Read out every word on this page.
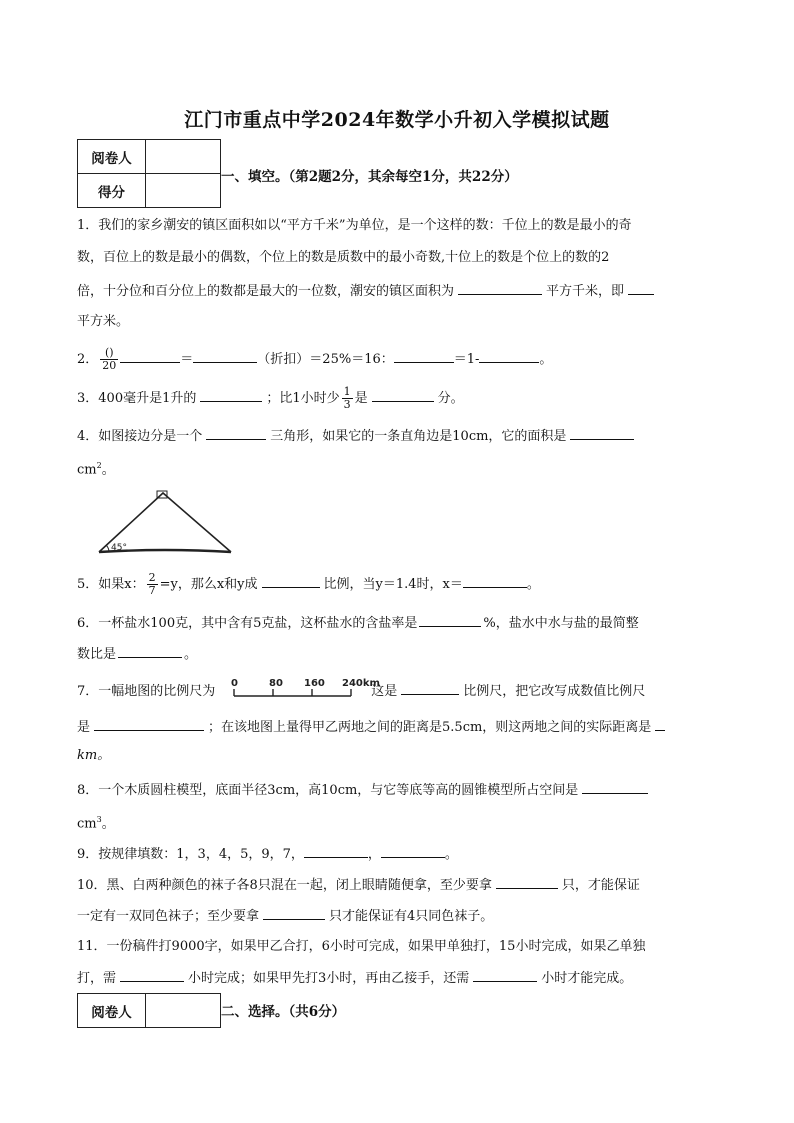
江门市重点中学2024年数学小升初入学模拟试题
阅卷人	
得分	
一、填空。（第2题2分，其余每空1分，共22分）
1．我们的家乡潮安的镇区面积如以“平方千米”为单位，是一个这样的数：千位上的数是最小的奇
数，百位上的数是最小的偶数，个位上的数是质数中的最小奇数,十位上的数是个位上的数的2
倍，十分位和百分位上的数都是最大的一位数，潮安的镇区面积为	平方千米，即
平方米。
2． $\frac{()}{20}$	＝	（折扣）＝25%＝16：	＝1-	。
3．400毫升是1升的	；比1小时少 $\frac{1}{3}$ 是	分。
4．如图接边分是一个	三角形，如果它的一条直角边是10cm，它的面积是
$cm^2$。
45°
5．如果x： $\frac{2}{7} =y$，那么x和y成	比例，当y＝1.4时，x＝	。
6．一杯盐水100克，其中含有5克盐，这杯盐水的含盐率是	%，盐水中水与盐的最简整
数比是	。
7．一幅地图的比例尺为	这是	比例尺，把它改写成数值比例尺
0	80 160 240km
是	；在该地图上量得甲乙两地之间的距离是5.5cm，则这两地之间的实际距离是
km。
8．一个木质圆柱模型，底面半径3cm，高10cm，与它等底等高的圆锥模型所占空间是
$cm^3$。
9．按规律填数：1，3，4，5，9，7，	，	。
10．黑、白两种颜色的袜子各8只混在一起，闭上眼睛随便拿，至少要拿	只，才能保证
一定有一双同色袜子；至少要拿	只才能保证有4只同色袜子。
11．一份稿件打9000字，如果甲乙合打，6小时可完成，如果甲单独打，15小时完成，如果乙单独
打，需	小时完成；如果甲先打3小时，再由乙接手，还需	小时才能完成。
阅卷人		二、选择。（共6分）
